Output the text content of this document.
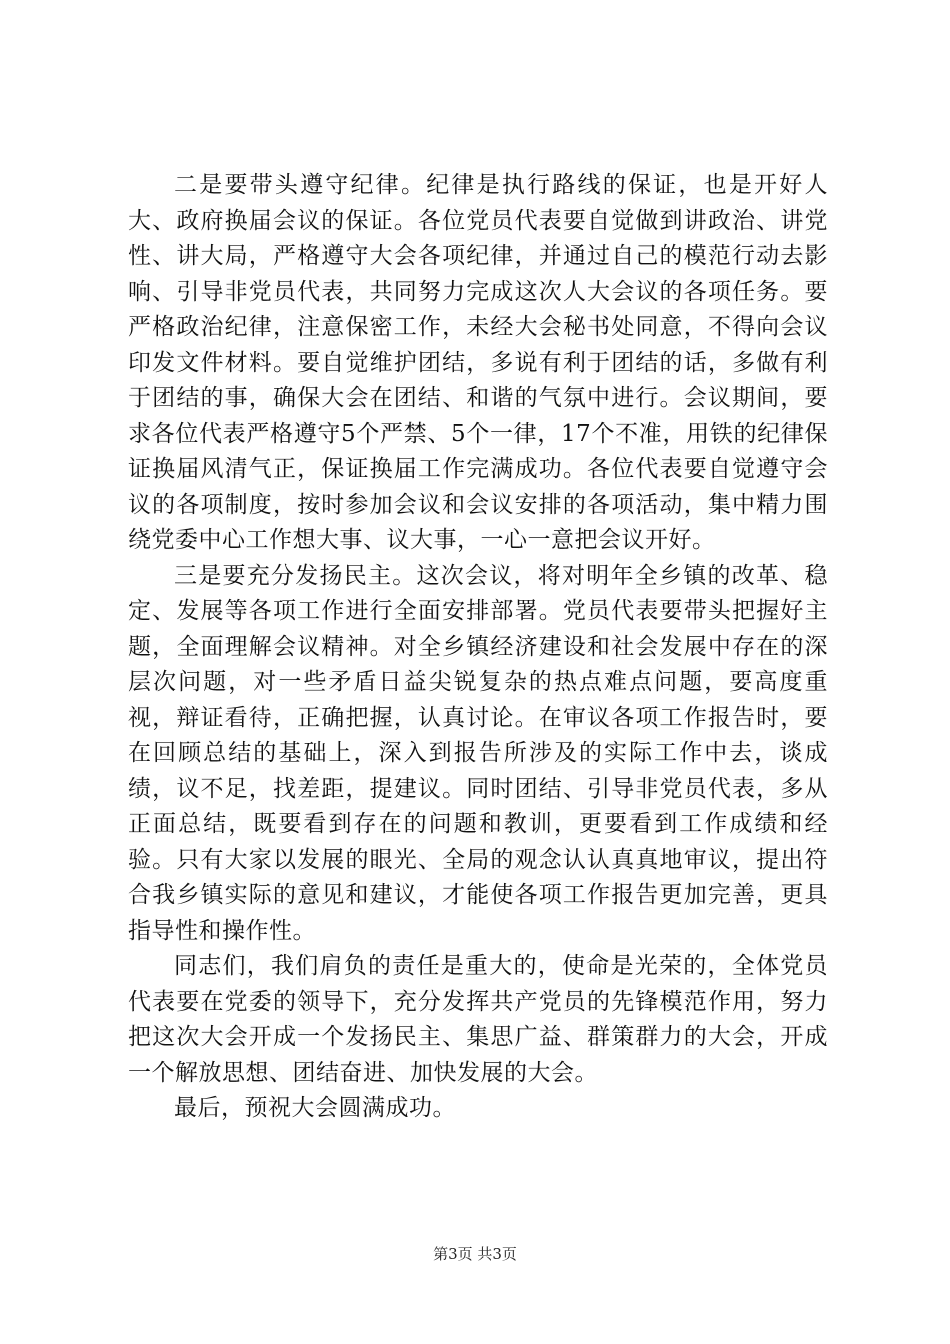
二是要带头遵守纪律。纪律是执行路线的保证，也是开好人大、政府换届会议的保证。各位党员代表要自觉做到讲政治、讲党性、讲大局，严格遵守大会各项纪律，并通过自己的模范行动去影响、引导非党员代表，共同努力完成这次人大会议的各项任务。要严格政治纪律，注意保密工作，未经大会秘书处同意，不得向会议印发文件材料。要自觉维护团结，多说有利于团结的话，多做有利于团结的事，确保大会在团结、和谐的气氛中进行。会议期间，要求各位代表严格遵守5个严禁、5个一律，17个不准，用铁的纪律保证换届风清气正，保证换届工作完满成功。各位代表要自觉遵守会议的各项制度，按时参加会议和会议安排的各项活动，集中精力围绕党委中心工作想大事、议大事，一心一意把会议开好。

三是要充分发扬民主。这次会议，将对明年全乡镇的改革、稳定、发展等各项工作进行全面安排部署。党员代表要带头把握好主题，全面理解会议精神。对全乡镇经济建设和社会发展中存在的深层次问题，对一些矛盾日益尖锐复杂的热点难点问题，要高度重视，辩证看待，正确把握，认真讨论。在审议各项工作报告时，要在回顾总结的基础上，深入到报告所涉及的实际工作中去，谈成绩，议不足，找差距，提建议。同时团结、引导非党员代表，多从正面总结，既要看到存在的问题和教训，更要看到工作成绩和经验。只有大家以发展的眼光、全局的观念认认真真地审议，提出符合我乡镇实际的意见和建议，才能使各项工作报告更加完善，更具指导性和操作性。

同志们，我们肩负的责任是重大的，使命是光荣的，全体党员代表要在党委的领导下，充分发挥共产党员的先锋模范作用，努力把这次大会开成一个发扬民主、集思广益、群策群力的大会，开成一个解放思想、团结奋进、加快发展的大会。

最后，预祝大会圆满成功。

第3页 共3页
